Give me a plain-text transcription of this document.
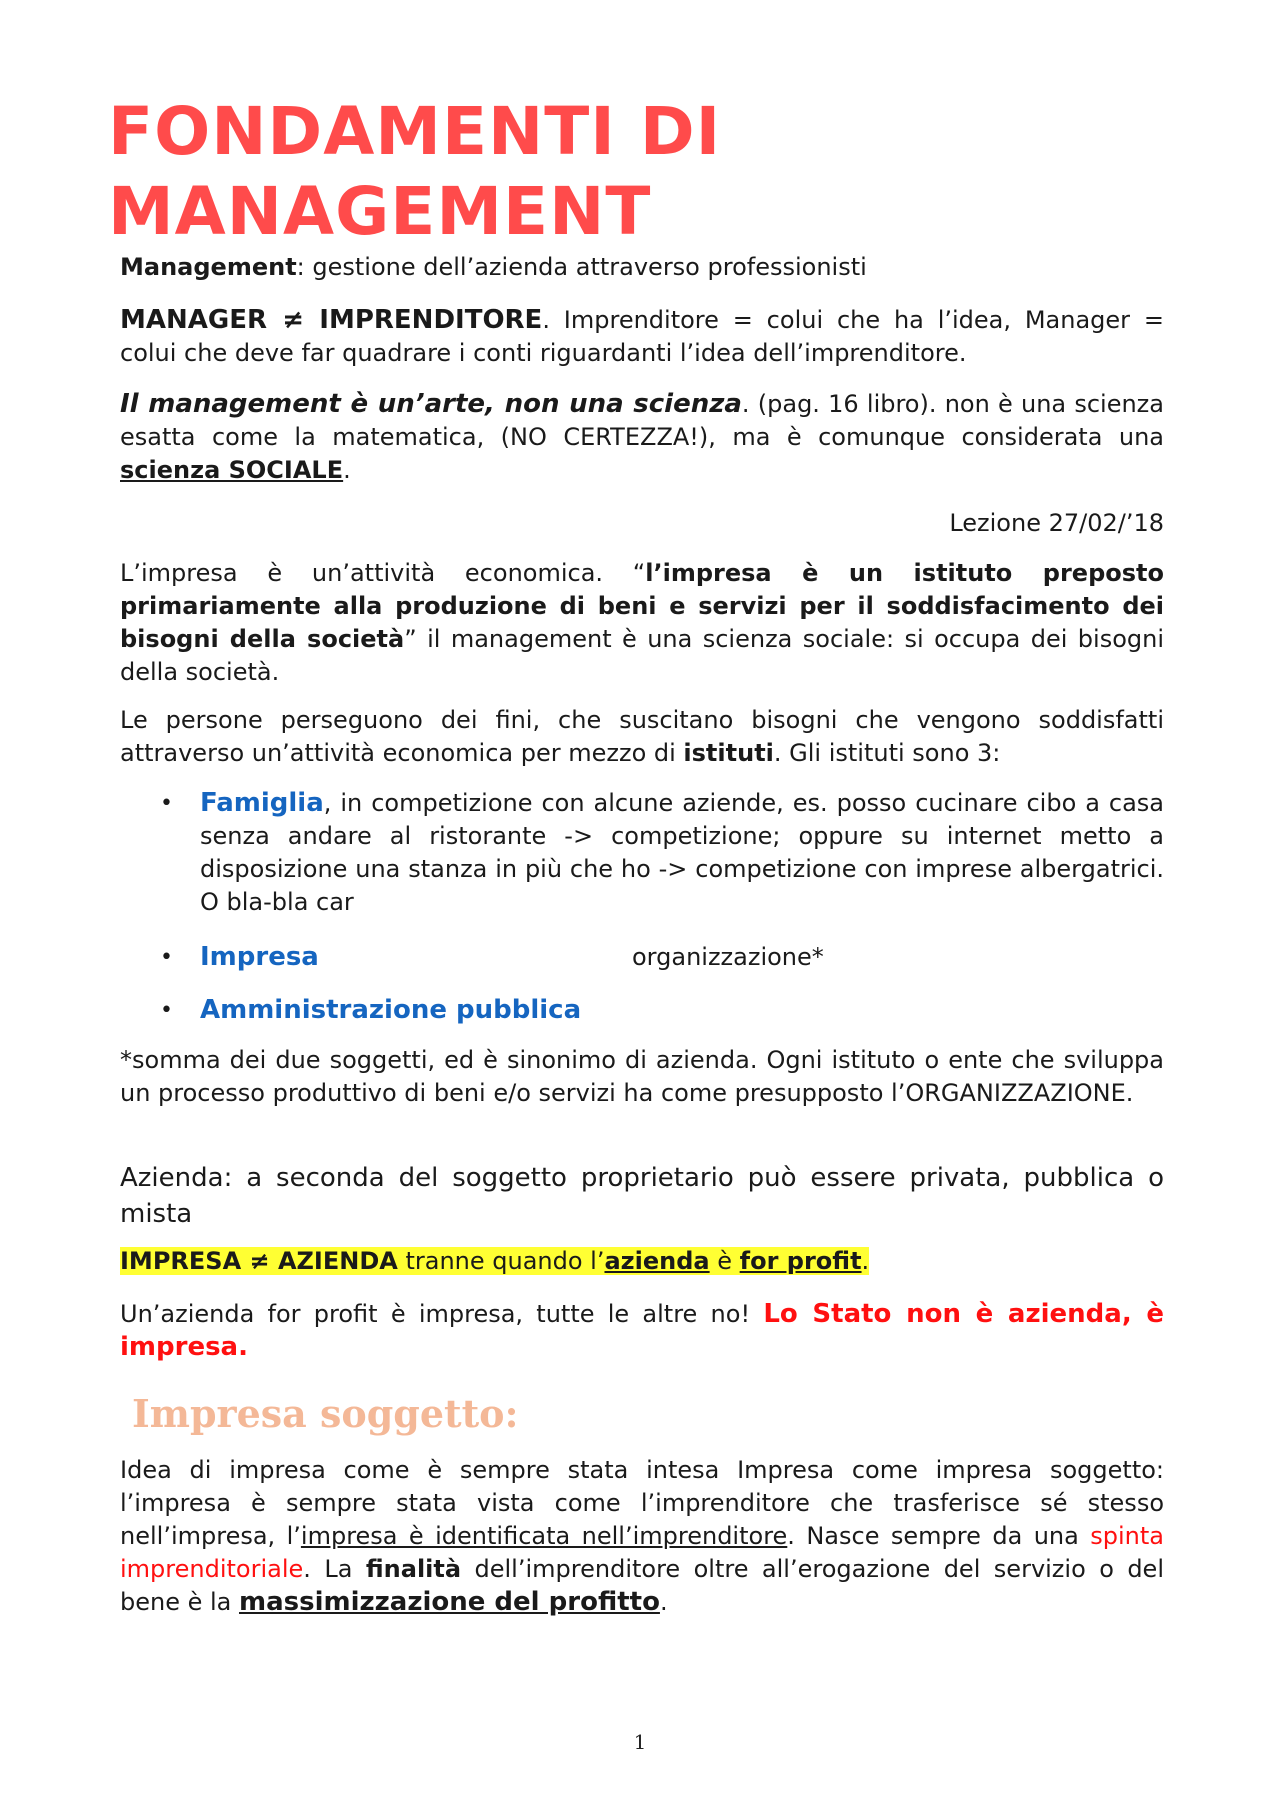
FONDAMENTI DI
MANAGEMENT
Management: gestione dell’azienda attraverso professionisti
MANAGER ≠ IMPRENDITORE. Imprenditore = colui che ha l’idea, Manager = colui che deve far quadrare i conti riguardanti l’idea dell’imprenditore.
Il management è un’arte, non una scienza. (pag. 16 libro). non è una scienza esatta come la matematica, (NO CERTEZZA!), ma è comunque considerata una scienza SOCIALE.
Lezione 27/02/’18
L’impresa è un’attività economica. “l’impresa è un istituto preposto primariamente alla produzione di beni e servizi per il soddisfacimento dei bisogni della società” il management è una scienza sociale: si occupa dei bisogni della società.
Le persone perseguono dei fini, che suscitano bisogni che vengono soddisfatti attraverso un’attività economica per mezzo di istituti. Gli istituti sono 3:
• Famiglia, in competizione con alcune aziende, es. posso cucinare cibo a casa senza andare al ristorante -> competizione; oppure su internet metto a disposizione una stanza in più che ho -> competizione con imprese albergatrici. O bla-bla car
• Impresa	organizzazione*
• Amministrazione pubblica
*somma dei due soggetti, ed è sinonimo di azienda. Ogni istituto o ente che sviluppa un processo produttivo di beni e/o servizi ha come presupposto l’ORGANIZZAZIONE.
Azienda: a seconda del soggetto proprietario può essere privata, pubblica o mista
IMPRESA ≠ AZIENDA tranne quando l’azienda è for profit.
Un’azienda for profit è impresa, tutte le altre no! Lo Stato non è azienda, è impresa.
Impresa soggetto:
Idea di impresa come è sempre stata intesa Impresa come impresa soggetto: l’impresa è sempre stata vista come l’imprenditore che trasferisce sé stesso nell’impresa, l’impresa è identificata nell’imprenditore. Nasce sempre da una spinta imprenditoriale. La finalità dell’imprenditore oltre all’erogazione del servizio o del bene è la massimizzazione del profitto.
1
